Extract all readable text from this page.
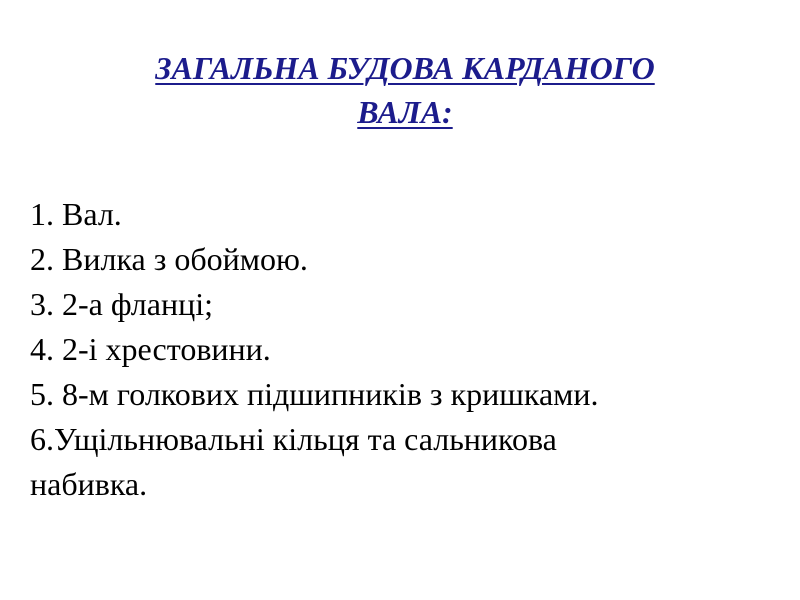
ЗАГАЛЬНА БУДОВА КАРДАНОГО
ВАЛА:
1. Вал.
2. Вилка з обоймою.
3. 2-а фланці;
4. 2-і хрестовини.
5. 8-м голкових підшипників з кришками.
6.Ущільнювальні кільця та сальникова
набивка.
